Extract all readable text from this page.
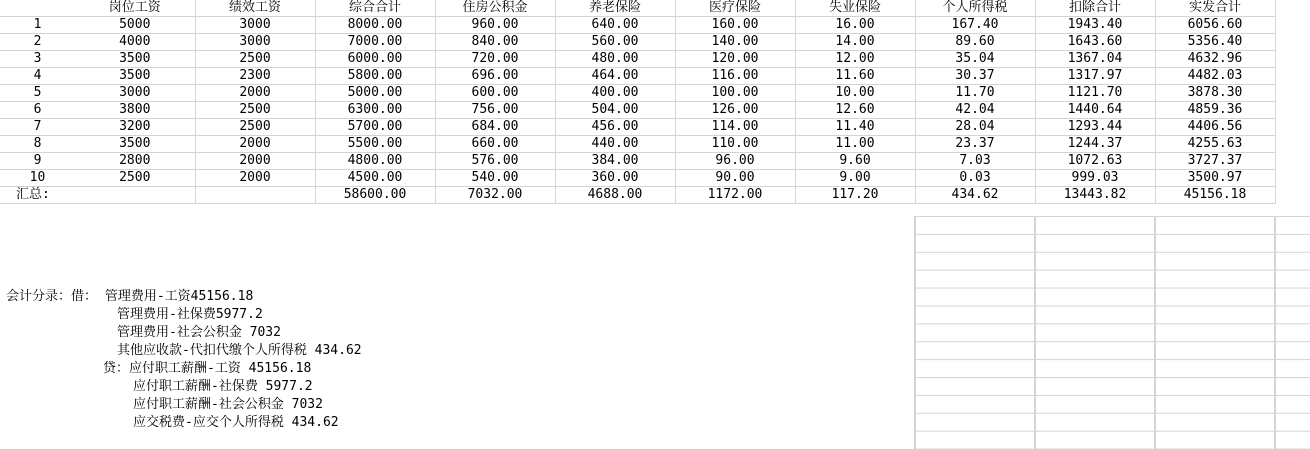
	岗位工资	绩效工资	综合合计	住房公积金	养老保险	医疗保险	失业保险	个人所得税	扣除合计	实发合计
1	5000	3000	8000.00	960.00	640.00	160.00	16.00	167.40	1943.40	6056.60
2	4000	3000	7000.00	840.00	560.00	140.00	14.00	89.60	1643.60	5356.40
3	3500	2500	6000.00	720.00	480.00	120.00	12.00	35.04	1367.04	4632.96
4	3500	2300	5800.00	696.00	464.00	116.00	11.60	30.37	1317.97	4482.03
5	3000	2000	5000.00	600.00	400.00	100.00	10.00	11.70	1121.70	3878.30
6	3800	2500	6300.00	756.00	504.00	126.00	12.60	42.04	1440.64	4859.36
7	3200	2500	5700.00	684.00	456.00	114.00	11.40	28.04	1293.44	4406.56
8	3500	2000	5500.00	660.00	440.00	110.00	11.00	23.37	1244.37	4255.63
9	2800	2000	4800.00	576.00	384.00	96.00	9.60	7.03	1072.63	3727.37
10	2500	2000	4500.00	540.00	360.00	90.00	9.00	0.03	999.03	3500.97
汇总:			58600.00	7032.00	4688.00	1172.00	117.20	434.62	13443.82	45156.18
会计分录：借： 管理费用-工资45156.18
管理费用-社保费5977.2
管理费用-社会公积金 7032
其他应收款-代扣代缴个人所得税 434.62
贷：应付职工薪酬-工资 45156.18
应付职工薪酬-社保费 5977.2
应付职工薪酬-社会公积金 7032
应交税费-应交个人所得税 434.62
